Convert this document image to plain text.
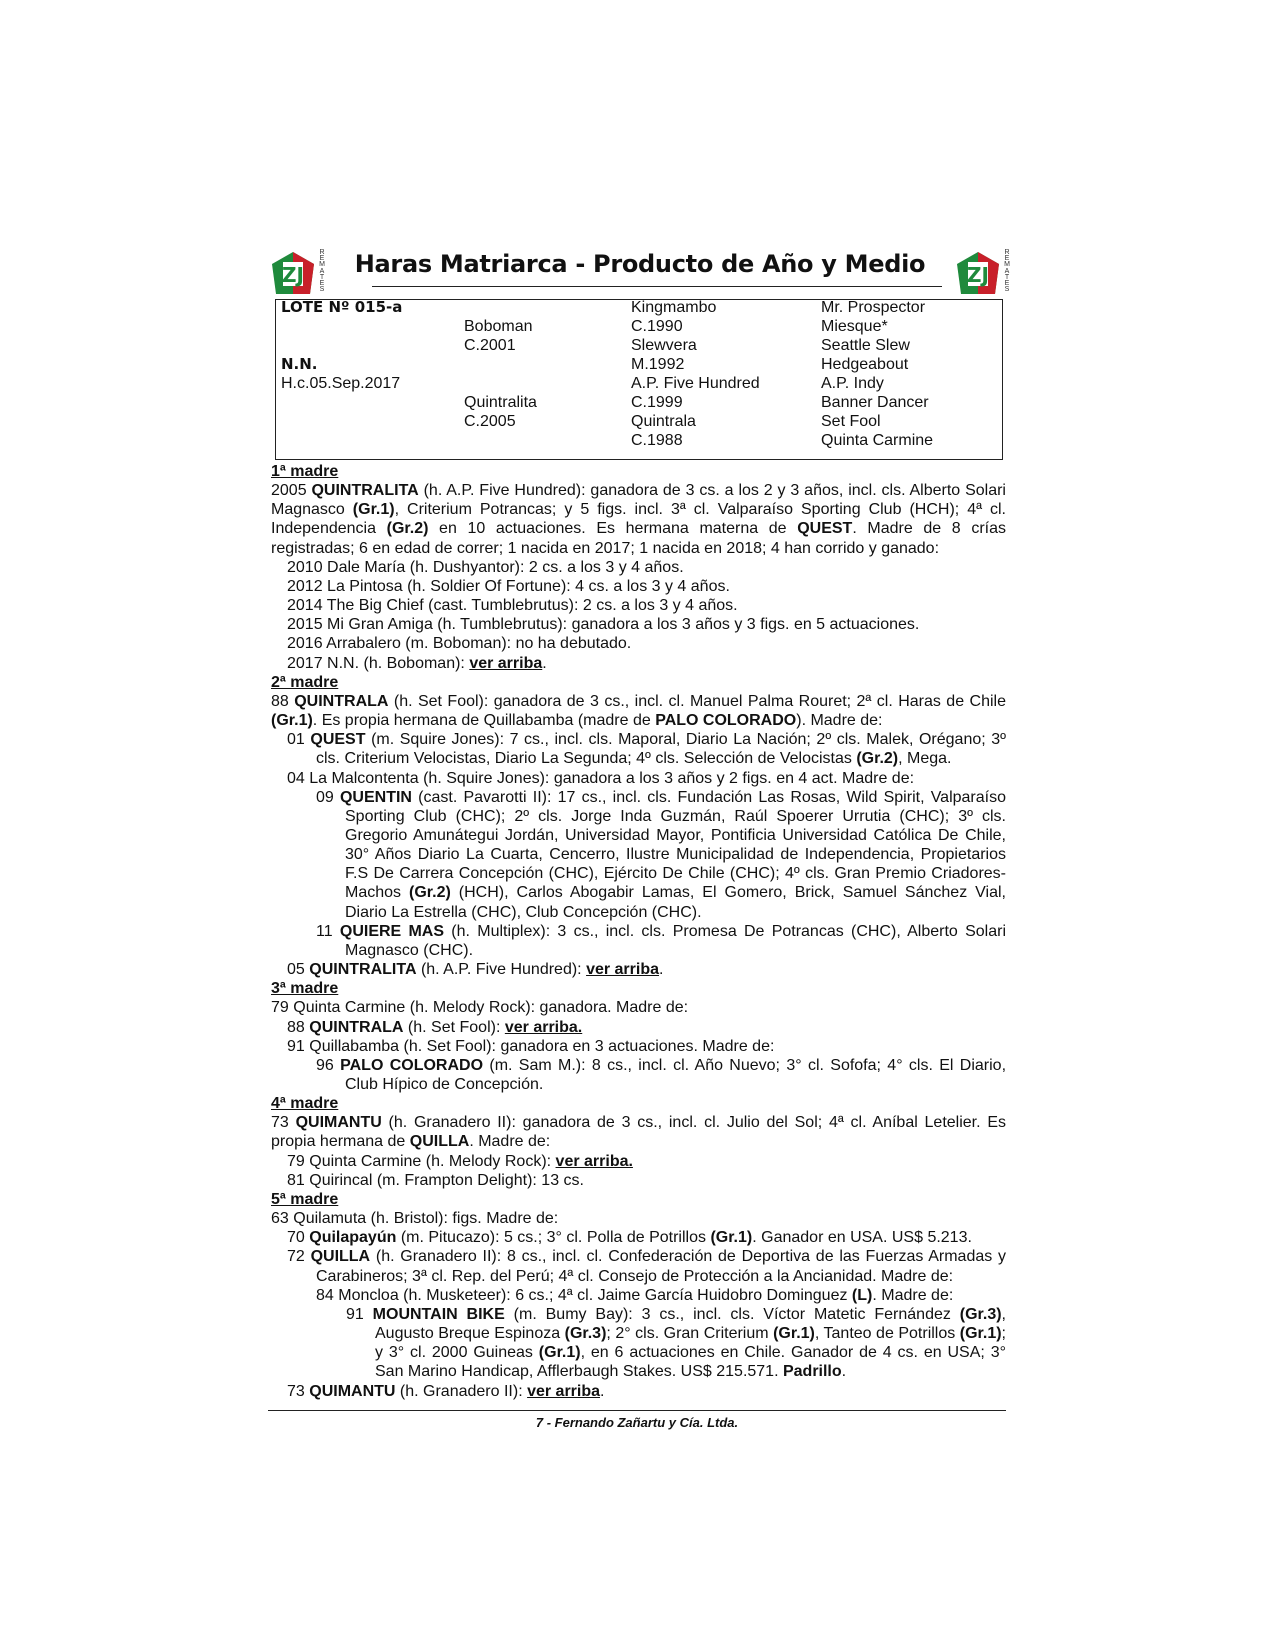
ZJ
R
E
M
A
T
E
S
Haras Matriarca - Producto de Año y Medio	ZJ
R
E
M
A
T
E
S
LOTE Nº 015-a
N.N.
H.c.05.Sep.2017
Boboman
C.2001
Quintralita
C.2005
Kingmambo
C.1990
Slewvera
M.1992
A.P. Five Hundred
C.1999
Quintrala
C.1988
Mr. Prospector
Miesque*
Seattle Slew
Hedgeabout
A.P. Indy
Banner Dancer
Set Fool
Quinta Carmine

1ª madre

2005 QUINTRALITA (h. A.P. Five Hundred): ganadora de 3 cs. a los 2 y 3 años, incl. cls. Alberto Solari Magnasco (Gr.1), Criterium Potrancas; y 5 figs. incl. 3ª cl. Valparaíso Sporting Club (HCH); 4ª cl. Independencia (Gr.2) en 10 actuaciones. Es hermana materna de QUEST. Madre de 8 crías registradas; 6 en edad de correr; 1 nacida en 2017; 1 nacida en 2018; 4 han corrido y ganado:

2010 Dale María (h. Dushyantor): 2 cs. a los 3 y 4 años.

2012 La Pintosa (h. Soldier Of Fortune): 4 cs. a los 3 y 4 años.

2014 The Big Chief (cast. Tumblebrutus): 2 cs. a los 3 y 4 años.

2015 Mi Gran Amiga (h. Tumblebrutus): ganadora a los 3 años y 3 figs. en 5 actuaciones.

2016 Arrabalero (m. Boboman): no ha debutado.

2017 N.N. (h. Boboman): ver arriba.

2ª madre

88 QUINTRALA (h. Set Fool): ganadora de 3 cs., incl. cl. Manuel Palma Rouret; 2ª cl. Haras de Chile (Gr.1). Es propia hermana de Quillabamba (madre de PALO COLORADO). Madre de:

01 QUEST (m. Squire Jones): 7 cs., incl. cls. Maporal, Diario La Nación; 2º cls. Malek, Orégano; 3º cls. Criterium Velocistas, Diario La Segunda; 4º cls. Selección de Velocistas (Gr.2), Mega.

04 La Malcontenta (h. Squire Jones): ganadora a los 3 años y 2 figs. en 4 act. Madre de:

09 QUENTIN (cast. Pavarotti II): 17 cs., incl. cls. Fundación Las Rosas, Wild Spirit, Valparaíso Sporting Club (CHC); 2º cls. Jorge Inda Guzmán, Raúl Spoerer Urrutia (CHC); 3º cls. Gregorio Amunátegui Jordán, Universidad Mayor, Pontificia Universidad Católica De Chile, 30° Años Diario La Cuarta, Cencerro, Ilustre Municipalidad de Independencia, Propietarios F.S De Carrera Concepción (CHC), Ejército De Chile (CHC); 4º cls. Gran Premio Criadores-Machos (Gr.2) (HCH), Carlos Abogabir Lamas, El Gomero, Brick, Samuel Sánchez Vial, Diario La Estrella (CHC), Club Concepción (CHC).

11 QUIERE MAS (h. Multiplex): 3 cs., incl. cls. Promesa De Potrancas (CHC), Alberto Solari Magnasco (CHC).

05 QUINTRALITA (h. A.P. Five Hundred): ver arriba.

3ª madre

79 Quinta Carmine (h. Melody Rock): ganadora. Madre de:

88 QUINTRALA (h. Set Fool): ver arriba.

91 Quillabamba (h. Set Fool): ganadora en 3 actuaciones. Madre de:

96 PALO COLORADO (m. Sam M.): 8 cs., incl. cl. Año Nuevo; 3° cl. Sofofa; 4° cls. El Diario, Club Hípico de Concepción.

4ª madre

73 QUIMANTU (h. Granadero II): ganadora de 3 cs., incl. cl. Julio del Sol; 4ª cl. Aníbal Letelier. Es propia hermana de QUILLA. Madre de:

79 Quinta Carmine (h. Melody Rock): ver arriba.

81 Quirincal (m. Frampton Delight): 13 cs.

5ª madre

63 Quilamuta (h. Bristol): figs. Madre de:

70 Quilapayún (m. Pitucazo): 5 cs.; 3° cl. Polla de Potrillos (Gr.1). Ganador en USA. US$ 5.213.

72 QUILLA (h. Granadero II): 8 cs., incl. cl. Confederación de Deportiva de las Fuerzas Armadas y Carabineros; 3ª cl. Rep. del Perú; 4ª cl. Consejo de Protección a la Ancianidad. Madre de:

84 Moncloa (h. Musketeer): 6 cs.; 4ª cl. Jaime García Huidobro Dominguez (L). Madre de:

91 MOUNTAIN BIKE (m. Bumy Bay): 3 cs., incl. cls. Víctor Matetic Fernández (Gr.3), Augusto Breque Espinoza (Gr.3); 2° cls. Gran Criterium (Gr.1), Tanteo de Potrillos (Gr.1); y 3° cl. 2000 Guineas (Gr.1), en 6 actuaciones en Chile. Ganador de 4 cs. en USA; 3° San Marino Handicap, Afflerbaugh Stakes. US$ 215.571. Padrillo.

73 QUIMANTU (h. Granadero II): ver arriba.

7 - Fernando Zañartu y Cía. Ltda.
